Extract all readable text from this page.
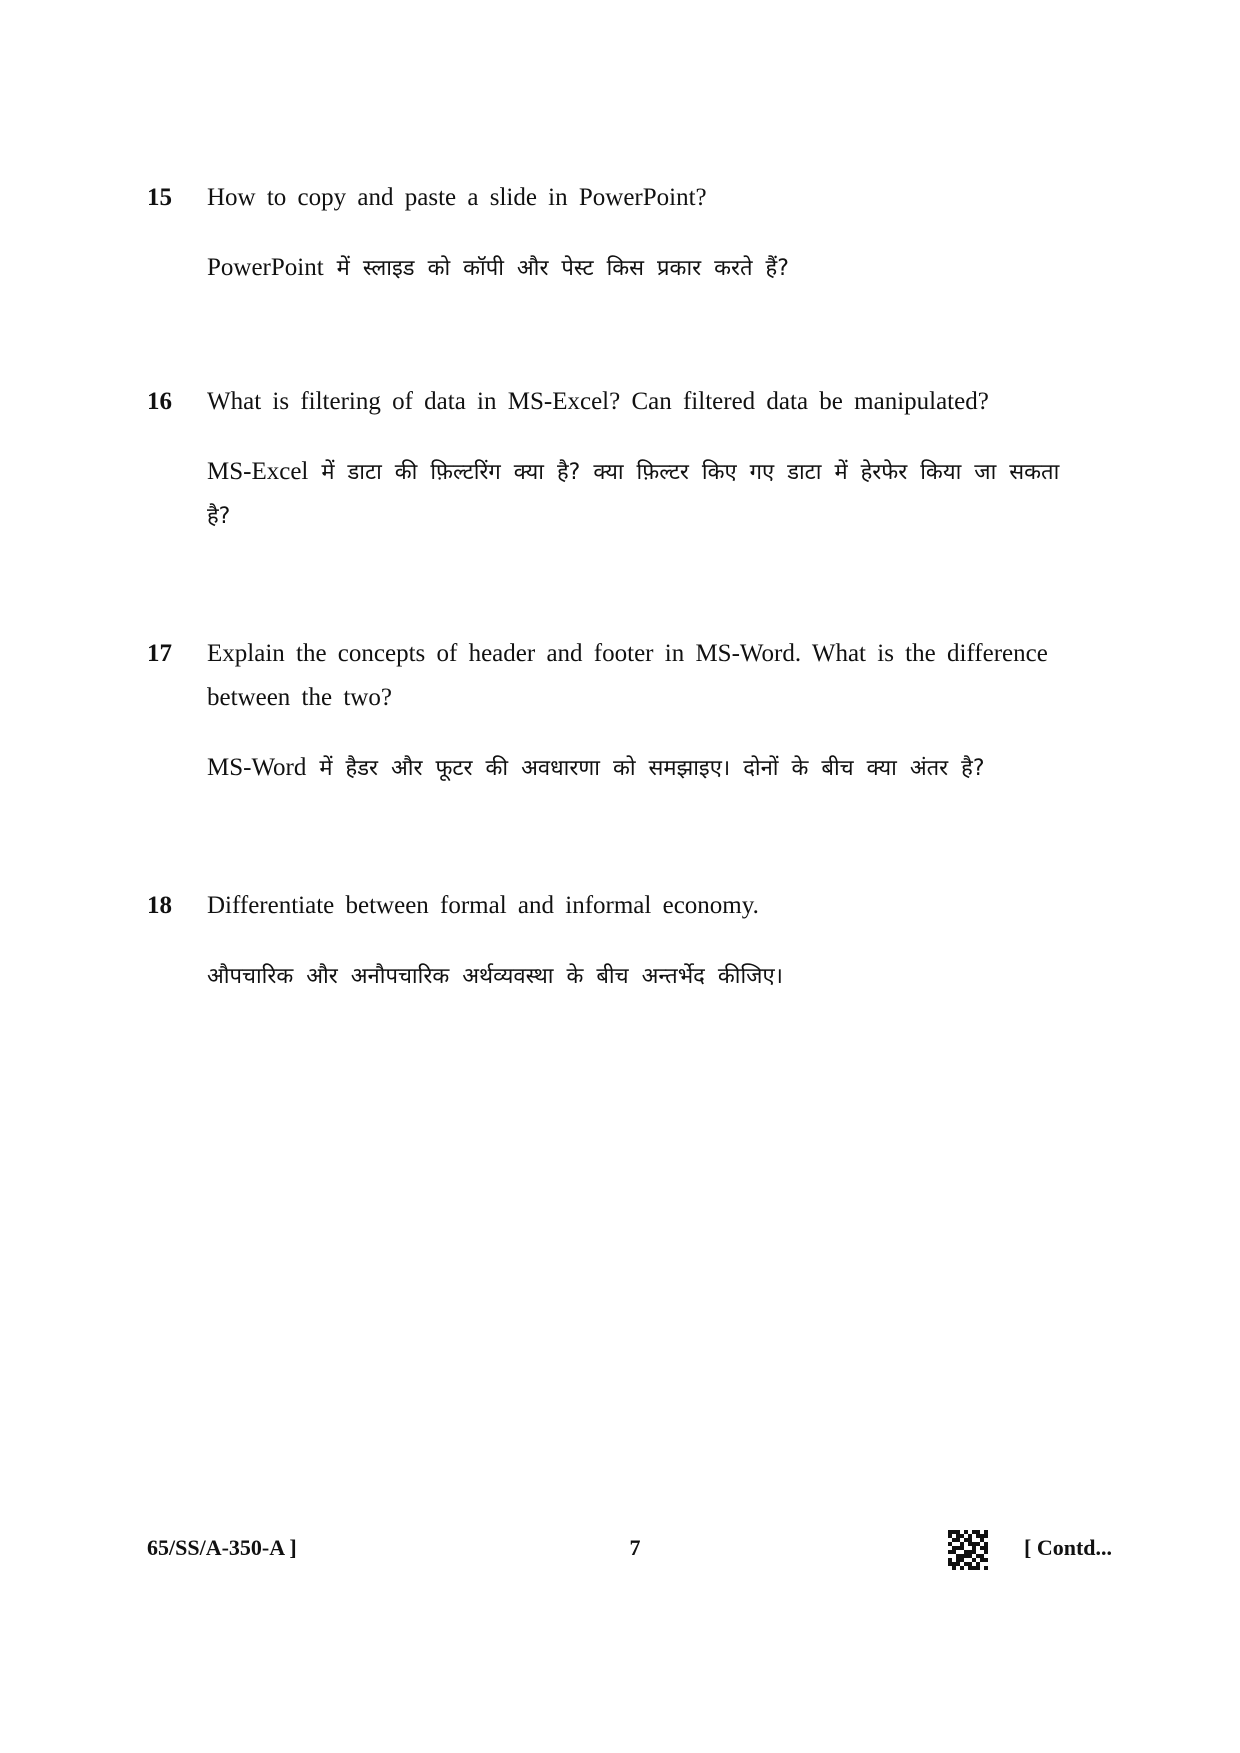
15 How to copy and paste a slide in PowerPoint?

PowerPoint में स्लाइड को कॉपी और पेस्ट किस प्रकार करते हैं?

16 What is filtering of data in MS-Excel? Can filtered data be manipulated?

MS-Excel में डाटा की फ़िल्टरिंग क्या है? क्या फ़िल्टर किए गए डाटा में हेरफेर किया जा सकता है?

17 Explain the concepts of header and footer in MS-Word. What is the difference between the two?

MS-Word में हैडर और फूटर की अवधारणा को समझाइए। दोनों के बीच क्या अंतर है?

18 Differentiate between formal and informal economy.

औपचारिक और अनौपचारिक अर्थव्यवस्था के बीच अन्तर्भेद कीजिए।

65/SS/A-350-A ]	7	[ Contd...
